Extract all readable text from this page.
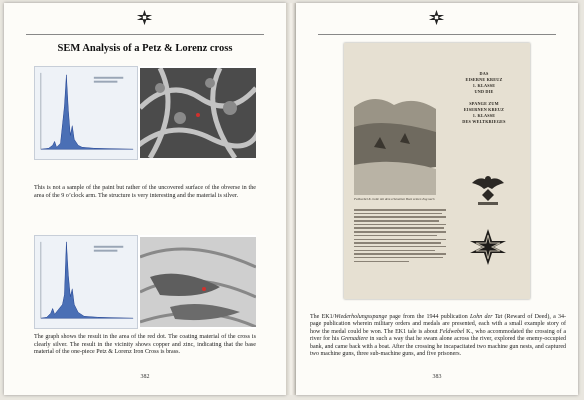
SEM Analysis of a Petz & Lorenz cross
This is not a sample of the paint but rather of the uncovered surface of the obverse in the area of the 9 o’clock arm. The structure is very interesting and the material is silver.
The graph shows the result in the area of the red dot. The coating material of the cross is clearly silver. The result in the vicinity shows copper and zinc, indicating that the base material of the one-piece Petz & Lorenz Iron Cross is brass.
382
DAS
EISERNE KREUZ
1. KLASSE
UND DIE

SPANGE ZUM
EISERNEN KREUZ
1. KLASSE
DES WELTKRIEGES
Feldwebel K. holte mit dem erbeuteten Boot seinen Zug nach
The EK1/Wiederholungsspange page from the 1944 publication Lohn der Tat (Reward of Deed), a 34-page publication wherein military orders and medals are presented, each with a small example story of how the medal could be won. The EK1 tale is about Feldwebel K., who accommodated the crossing of a river for his Grenadiere in such a way that he swam alone across the river, explored the enemy-occupied bank, and came back with a boat. After the crossing he incapacitated two machine gun nests, and captured two machine guns, three sub-machine guns, and five prisoners.
383
